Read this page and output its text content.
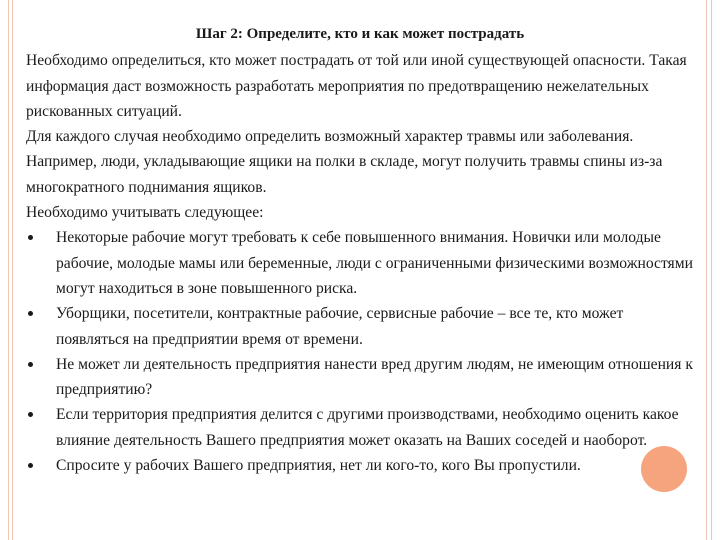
Шаг 2: Определите, кто и как может пострадать

Необходимо определиться, кто может пострадать от той или иной существующей опасности. Такая информация даст возможность разработать мероприятия по предотвращению нежелательных рискованных ситуаций.

Для каждого случая необходимо определить возможный характер травмы или заболевания. Например, люди, укладывающие ящики на полки в складе, могут получить травмы спины из-за многократного поднимания ящиков.

Необходимо учитывать следующее:

Некоторые рабочие могут требовать к себе повышенного внимания. Новички или молодые рабочие, молодые мамы или беременные, люди с ограниченными физическими возможностями могут находиться в зоне повышенного риска.
Уборщики, посетители, контрактные рабочие, сервисные рабочие – все те, кто может появляться на предприятии время от времени.
Не может ли деятельность предприятия нанести вред другим людям, не имеющим отношения к предприятию?
Если территория предприятия делится с другими производствами, необходимо оценить какое влияние деятельность Вашего предприятия может оказать на Ваших соседей и наоборот.
Спросите у рабочих Вашего предприятия, нет ли кого-то, кого Вы пропустили.
